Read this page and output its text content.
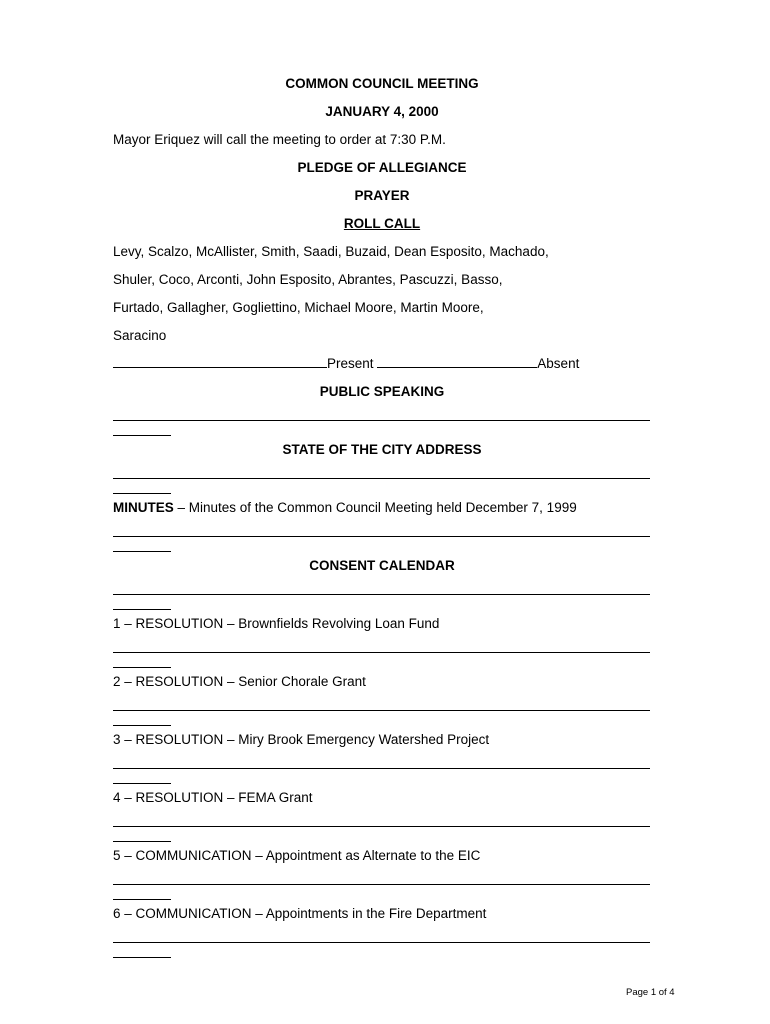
COMMON COUNCIL MEETING

JANUARY 4, 2000

Mayor Eriquez will call the meeting to order at 7:30 P.M.

PLEDGE OF ALLEGIANCE

PRAYER

ROLL CALL

Levy, Scalzo, McAllister, Smith, Saadi, Buzaid, Dean Esposito, Machado,

Shuler, Coco, Arconti, John Esposito, Abrantes, Pascuzzi, Basso,

Furtado, Gallagher, Gogliettino, Michael Moore, Martin Moore,

Saracino

Present	Absent

PUBLIC SPEAKING

STATE OF THE CITY ADDRESS

MINUTES – Minutes of the Common Council Meeting held December 7, 1999

CONSENT CALENDAR

1 – RESOLUTION – Brownfields Revolving Loan Fund

2 – RESOLUTION – Senior Chorale Grant

3 – RESOLUTION – Miry Brook Emergency Watershed Project

4 – RESOLUTION – FEMA Grant

5 – COMMUNICATION – Appointment as Alternate to the EIC

6 – COMMUNICATION – Appointments in the Fire Department

Page 1 of 4
